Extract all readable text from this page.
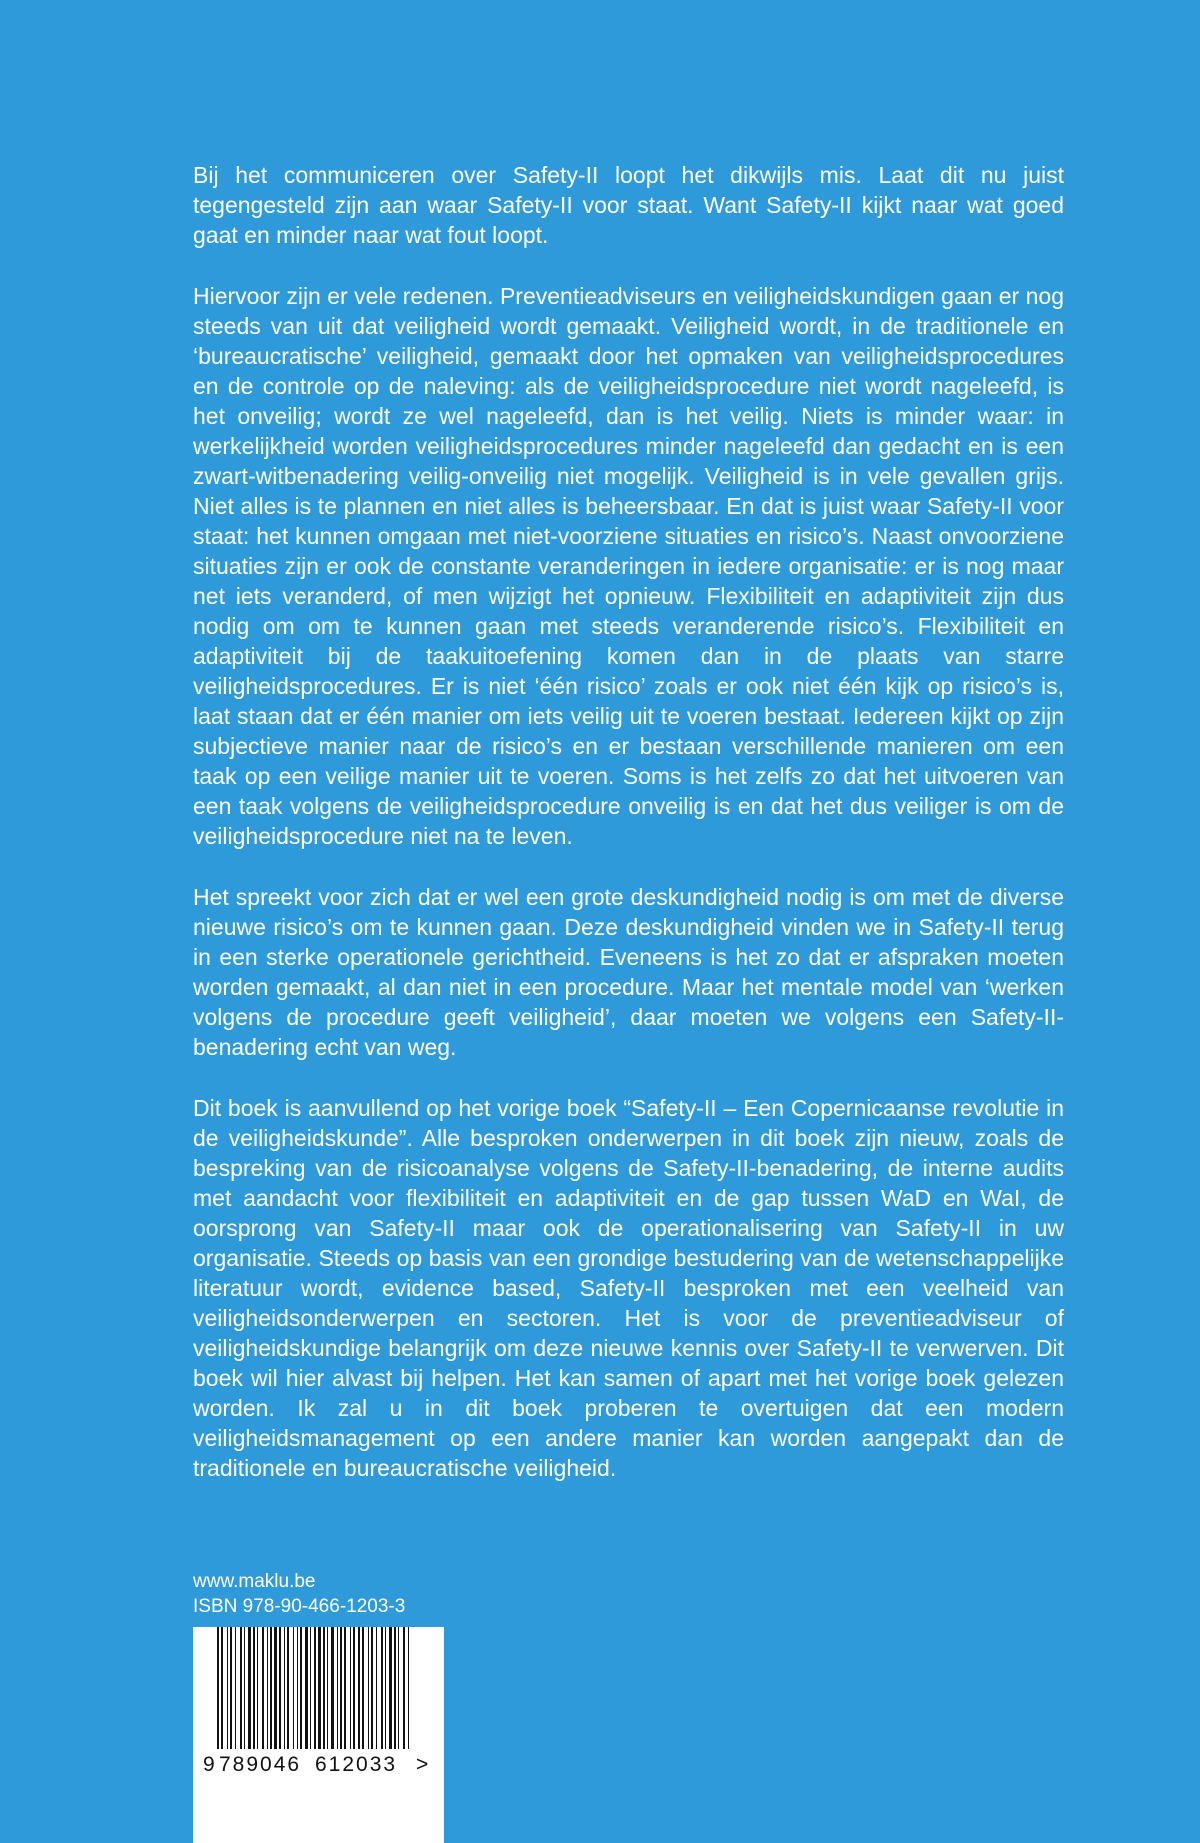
Bij het communiceren over Safety-II loopt het dikwijls mis. Laat dit nu juist tegengesteld zijn aan waar Safety-II voor staat. Want Safety-II kijkt naar wat goed gaat en minder naar wat fout loopt.

Hiervoor zijn er vele redenen. Preventieadviseurs en veiligheidskundigen gaan er nog steeds van uit dat veiligheid wordt gemaakt. Veiligheid wordt, in de traditionele en ‘bureaucratische’ veiligheid, gemaakt door het opmaken van veiligheidsprocedures en de controle op de naleving: als de veiligheidsprocedure niet wordt nageleefd, is het onveilig; wordt ze wel nageleefd, dan is het veilig. Niets is minder waar: in werkelijkheid worden veiligheidsprocedures minder nageleefd dan gedacht en is een zwart-witbenadering veilig-onveilig niet mogelijk. Veiligheid is in vele gevallen grijs. Niet alles is te plannen en niet alles is beheersbaar. En dat is juist waar Safety-II voor staat: het kunnen omgaan met niet-voorziene situaties en risico’s. Naast onvoorziene situaties zijn er ook de constante veranderingen in iedere organisatie: er is nog maar net iets veranderd, of men wijzigt het opnieuw. Flexibiliteit en adaptiviteit zijn dus nodig om om te kunnen gaan met steeds veranderende risico’s. Flexibiliteit en adaptiviteit bij de taakuitoefening komen dan in de plaats van starre veiligheidsprocedures. Er is niet ‘één risico’ zoals er ook niet één kijk op risico’s is, laat staan dat er één manier om iets veilig uit te voeren bestaat. Iedereen kijkt op zijn subjectieve manier naar de risico’s en er bestaan verschillende manieren om een taak op een veilige manier uit te voeren. Soms is het zelfs zo dat het uitvoeren van een taak volgens de veiligheidsprocedure onveilig is en dat het dus veiliger is om de veiligheidsprocedure niet na te leven.

Het spreekt voor zich dat er wel een grote deskundigheid nodig is om met de diverse nieuwe risico’s om te kunnen gaan. Deze deskundigheid vinden we in Safety-II terug in een sterke operationele gerichtheid. Eveneens is het zo dat er afspraken moeten worden gemaakt, al dan niet in een procedure. Maar het mentale model van ‘werken volgens de procedure geeft veiligheid’, daar moeten we volgens een Safety-II-benadering echt van weg.

Dit boek is aanvullend op het vorige boek “Safety-II – Een Copernicaanse revolutie in de veiligheidskunde”. Alle besproken onderwerpen in dit boek zijn nieuw, zoals de bespreking van de risicoanalyse volgens de Safety-II-benadering, de interne audits met aandacht voor flexibiliteit en adaptiviteit en de gap tussen WaD en WaI, de oorsprong van Safety-II maar ook de operationalisering van Safety-II in uw organisatie. Steeds op basis van een grondige bestudering van de wetenschappelijke literatuur wordt, evidence based, Safety-II besproken met een veelheid van veiligheidsonderwerpen en sectoren. Het is voor de preventieadviseur of veiligheidskundige belangrijk om deze nieuwe kennis over Safety-II te verwerven. Dit boek wil hier alvast bij helpen. Het kan samen of apart met het vorige boek gelezen worden. Ik zal u in dit boek proberen te overtuigen dat een modern veiligheidsmanagement op een andere manier kan worden aangepakt dan de traditionele en bureaucratische veiligheid.

www.maklu.be
ISBN 978-90-466-1203-3
9 789046 612033 >
